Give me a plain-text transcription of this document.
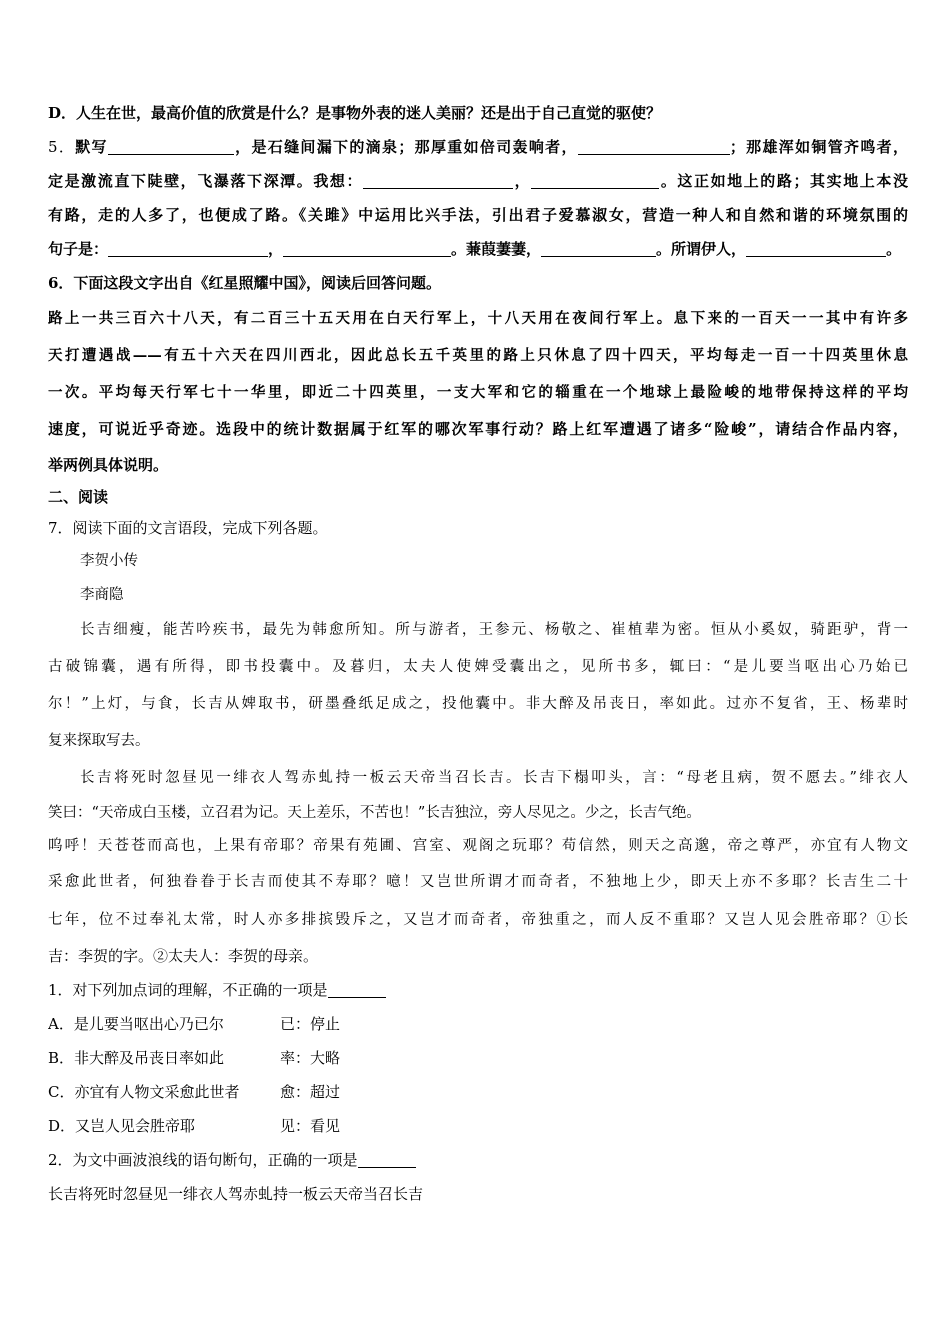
D．人生在世，最高价值的欣赏是什么？是事物外表的迷人美丽？还是出于自己直觉的驱使？
5．默写	，是石缝间漏下的滴泉；那厚重如倍司轰响者，	；那雄浑如铜管齐鸣者，
定是激流直下陡壁，飞瀑落下深潭。我想：	，	。这正如地上的路；其实地上本没
有路，走的人多了，也便成了路。《关雎》中运用比兴手法，引出君子爱慕淑女，营造一种人和自然和谐的环境氛围的
句子是：	，	。蒹葭萋萋，	。所谓伊人，	。
6．下面这段文字出自《红星照耀中国》，阅读后回答问题。
路上一共三百六十八天，有二百三十五天用在白天行军上，十八天用在夜间行军上。息下来的一百天一一其中有许多
天打遭遇战——有五十六天在四川西北，因此总长五千英里的路上只休息了四十四天，平均每走一百一十四英里休息
一次。平均每天行军七十一华里，即近二十四英里，一支大军和它的辎重在一个地球上最险峻的地带保持这样的平均
速度，可说近乎奇迹。选段中的统计数据属于红军的哪次军事行动？路上红军遭遇了诸多“险峻”，请结合作品内容，
举两例具体说明。
二、阅读
7．阅读下面的文言语段，完成下列各题。
李贺小传
李商隐
长吉细瘦，能苦吟疾书，最先为韩愈所知。所与游者，王参元、杨敬之、崔植辈为密。恒从小奚奴，骑距驴，背一
古破锦囊，遇有所得，即书投囊中。及暮归，太夫人使婢受囊出之，见所书多，辄曰：“是儿要当呕出心乃始已
尔！”上灯，与食，长吉从婢取书，研墨叠纸足成之，投他囊中。非大醉及吊丧日，率如此。过亦不复省，王、杨辈时
复来探取写去。
长吉将死时忽昼见一绯衣人驾赤虬持一板云天帝当召长吉。长吉下榻叩头，言：“母老且病，贺不愿去。”绯衣人
笑曰：“天帝成白玉楼，立召君为记。天上差乐，不苦也！”长吉独泣，旁人尽见之。少之，长吉气绝。
呜呼！天苍苍而高也，上果有帝耶？帝果有苑圃、宫室、观阁之玩耶？苟信然，则天之高邈，帝之尊严，亦宜有人物文
采愈此世者，何独眷眷于长吉而使其不寿耶？噫！又岂世所谓才而奇者，不独地上少，即天上亦不多耶？长吉生二十
七年，位不过奉礼太常，时人亦多排摈毁斥之，又岂才而奇者，帝独重之，而人反不重耶？又岂人见会胜帝耶？①长
吉：李贺的字。②太夫人：李贺的母亲。
1．对下列加点词的理解，不正确的一项是
A．是儿要当呕出心乃已尔	已：停止
B．非大醉及吊丧日率如此	率：大略
C．亦宜有人物文采愈此世者	愈：超过
D．又岂人见会胜帝耶	见：看见
2．为文中画波浪线的语句断句，正确的一项是
长吉将死时忽昼见一绯衣人驾赤虬持一板云天帝当召长吉
